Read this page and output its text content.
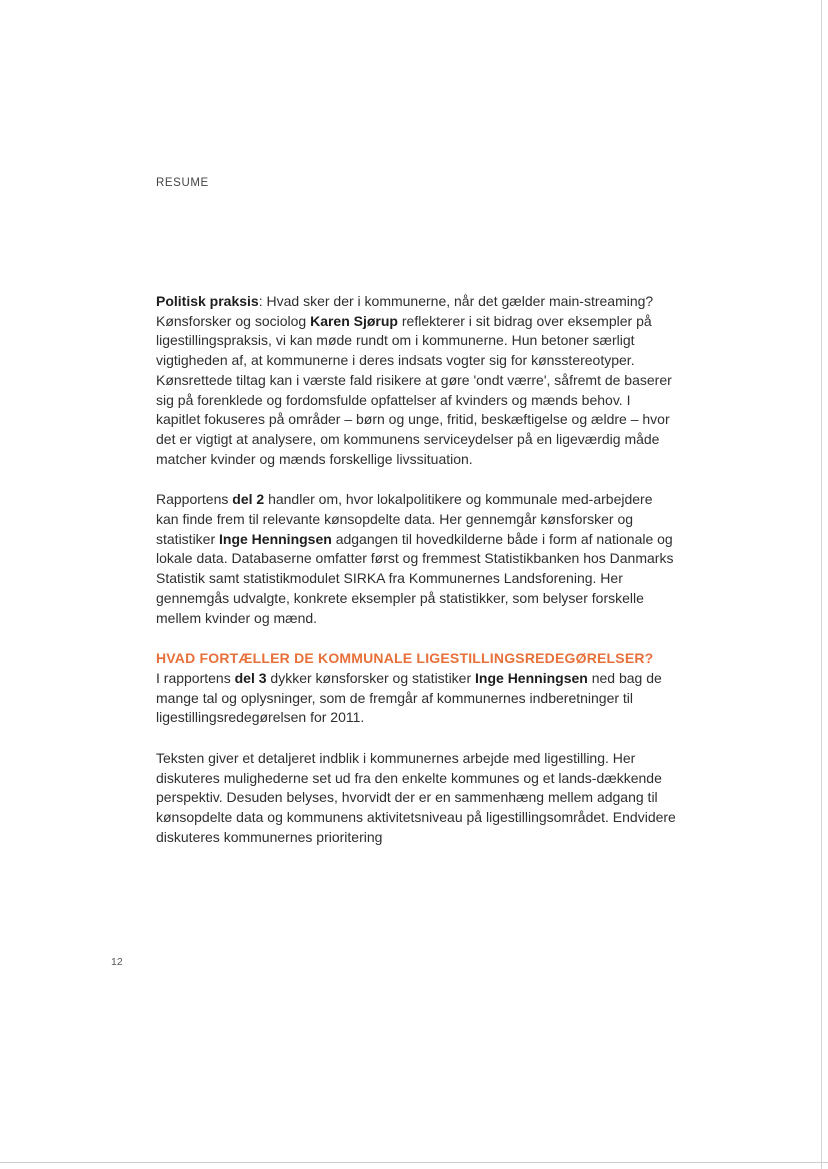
RESUME

Politisk praksis: Hvad sker der i kommunerne, når det gælder main-streaming? Kønsforsker og sociolog Karen Sjørup reflekterer i sit bidrag over eksempler på ligestillingspraksis, vi kan møde rundt om i kommunerne. Hun betoner særligt vigtigheden af, at kommunerne i deres indsats vogter sig for kønsstereotyper. Kønsrettede tiltag kan i værste fald risikere at gøre 'ondt værre', såfremt de baserer sig på forenklede og fordomsfulde opfattelser af kvinders og mænds behov. I kapitlet fokuseres på områder – børn og unge, fritid, beskæftigelse og ældre – hvor det er vigtigt at analysere, om kommunens serviceydelser på en ligeværdig måde matcher kvinder og mænds forskellige livssituation.

Rapportens del 2 handler om, hvor lokalpolitikere og kommunale med-arbejdere kan finde frem til relevante kønsopdelte data. Her gennemgår kønsforsker og statistiker Inge Henningsen adgangen til hovedkilderne både i form af nationale og lokale data. Databaserne omfatter først og fremmest Statistikbanken hos Danmarks Statistik samt statistikmodulet SIRKA fra Kommunernes Landsforening. Her gennemgås udvalgte, konkrete eksempler på statistikker, som belyser forskelle mellem kvinder og mænd.

HVAD FORTÆLLER DE KOMMUNALE LIGESTILLINGSREDEGØRELSER?

I rapportens del 3 dykker kønsforsker og statistiker Inge Henningsen ned bag de mange tal og oplysninger, som de fremgår af kommunernes indberetninger til ligestillingsredegørelsen for 2011.

Teksten giver et detaljeret indblik i kommunernes arbejde med ligestilling. Her diskuteres mulighederne set ud fra den enkelte kommunes og et lands-dækkende perspektiv. Desuden belyses, hvorvidt der er en sammenhæng mellem adgang til kønsopdelte data og kommunens aktivitetsniveau på ligestillingsområdet. Endvidere diskuteres kommunernes prioritering

12
